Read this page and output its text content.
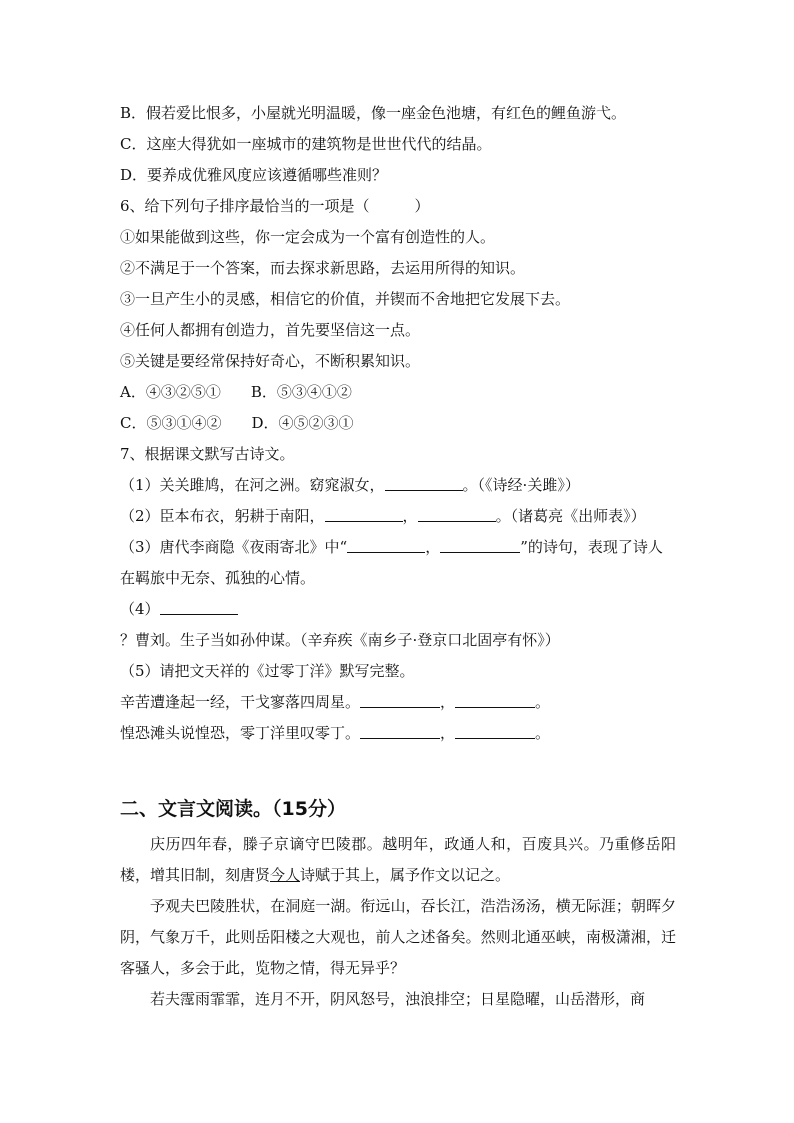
B．假若爱比恨多，小屋就光明温暖，像一座金色池塘，有红色的鲤鱼游弋。
C．这座大得犹如一座城市的建筑物是世世代代的结晶。
D．要养成优雅风度应该遵循哪些准则？
6、给下列句子排序最恰当的一项是（　　　）
①如果能做到这些，你一定会成为一个富有创造性的人。
②不满足于一个答案，而去探求新思路，去运用所得的知识。
③一旦产生小的灵感，相信它的价值，并锲而不舍地把它发展下去。
④任何人都拥有创造力，首先要坚信这一点。
⑤关键是要经常保持好奇心，不断积累知识。
A．④③②⑤① B．⑤③④①②
C．⑤③①④② D．④⑤②③①
7、根据课文默写古诗文。
（1）关关雎鸠，在河之洲。窈窕淑女，	。（《诗经·关雎》）
（2）臣本布衣，躬耕于南阳，	，	。（诸葛亮《出师表》）
（3）唐代李商隐《夜雨寄北》中“	，	”的诗句，表现了诗人在羁旅中无奈、孤独的心情。
（4）？曹刘。生子当如孙仲谋。（辛弃疾《南乡子·登京口北固亭有怀》）
（5）请把文天祥的《过零丁洋》默写完整。
辛苦遭逢起一经，干戈寥落四周星。	，	。
惶恐滩头说惶恐，零丁洋里叹零丁。	，	。
二、文言文阅读。（15分）
庆历四年春，滕子京谪守巴陵郡。越明年，政通人和，百废具兴。乃重修岳阳楼，增其旧制，刻唐贤今人诗赋于其上，属予作文以记之。
予观夫巴陵胜状，在洞庭一湖。衔远山，吞长江，浩浩汤汤，横无际涯；朝晖夕阴，气象万千，此则岳阳楼之大观也，前人之述备矣。然则北通巫峡，南极潇湘，迁客骚人，多会于此，览物之情，得无异乎？
若夫霪雨霏霏，连月不开，阴风怒号，浊浪排空；日星隐曜，山岳潜形，商
